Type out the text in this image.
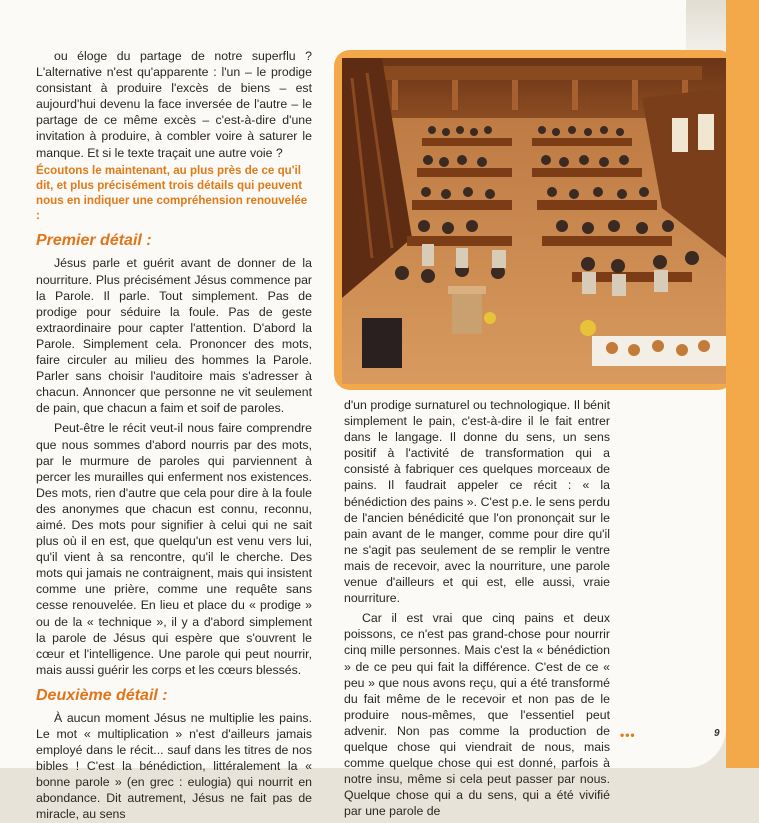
ou éloge du partage de notre superflu ? L'alternative n'est qu'apparente : l'un – le prodige consistant à produire l'excès de biens – est aujourd'hui devenu la face inversée de l'autre – le partage de ce même excès – c'est-à-dire d'une invitation à produire, à combler voire à saturer le manque. Et si le texte traçait une autre voie ?

Écoutons le maintenant, au plus près de ce qu'il dit, et plus précisément trois détails qui peuvent nous en indiquer une compréhension renouvelée :

Premier détail :

Jésus parle et guérit avant de donner de la nourriture. Plus précisément Jésus commence par la Parole. Il parle. Tout simplement. Pas de prodige pour séduire la foule. Pas de geste extraordinaire pour capter l'attention. D'abord la Parole. Simplement cela. Prononcer des mots, faire circuler au milieu des hommes la Parole. Parler sans choisir l'auditoire mais s'adresser à chacun. Annoncer que personne ne vit seulement de pain, que chacun a faim et soif de paroles.

Peut-être le récit veut-il nous faire comprendre que nous sommes d'abord nourris par des mots, par le murmure de paroles qui parviennent à percer les murailles qui enferment nos existences. Des mots, rien d'autre que cela pour dire à la foule des anonymes que chacun est connu, reconnu, aimé. Des mots pour signifier à celui qui ne sait plus où il en est, que quelqu'un est venu vers lui, qu'il vient à sa rencontre, qu'il le cherche. Des mots qui jamais ne contraignent, mais qui insistent comme une prière, comme une requête sans cesse renouvelée. En lieu et place du « prodige » ou de la « technique », il y a d'abord simplement la parole de Jésus qui espère que s'ouvrent le cœur et l'intelligence. Une parole qui peut nourrir, mais aussi guérir les corps et les cœurs blessés.

Deuxième détail :

À aucun moment Jésus ne multiplie les pains. Le mot « multiplication » n'est d'ailleurs jamais employé dans le récit... sauf dans les titres de nos bibles ! C'est la bénédiction, littéralement la « bonne parole » (en grec : eulogia) qui nourrit en abondance. Dit autrement, Jésus ne fait pas de miracle, au sens

d'un prodige surnaturel ou technologique. Il bénit simplement le pain, c'est-à-dire il le fait entrer dans le langage. Il donne du sens, un sens positif à l'activité de transformation qui a consisté à fabriquer ces quelques morceaux de pains. Il faudrait appeler ce récit : « la bénédiction des pains ». C'est p.e. le sens perdu de l'ancien bénédicité que l'on prononçait sur le pain avant de le manger, comme pour dire qu'il ne s'agit pas seulement de se remplir le ventre mais de recevoir, avec la nourriture, une parole venue d'ailleurs et qui est, elle aussi, vraie nourriture.

Car il est vrai que cinq pains et deux poissons, ce n'est pas grand-chose pour nourrir cinq mille personnes. Mais c'est la « bénédiction » de ce peu qui fait la différence. C'est de ce « peu » que nous avons reçu, qui a été transformé du fait même de le recevoir et non pas de le produire nous-mêmes, que l'essentiel peut advenir. Non pas comme la production de quelque chose qui viendrait de nous, mais comme quelque chose qui est donné, parfois à notre insu, même si cela peut passer par nous. Quelque chose qui a du sens, qui a été vivifié par une parole de

•••	9
